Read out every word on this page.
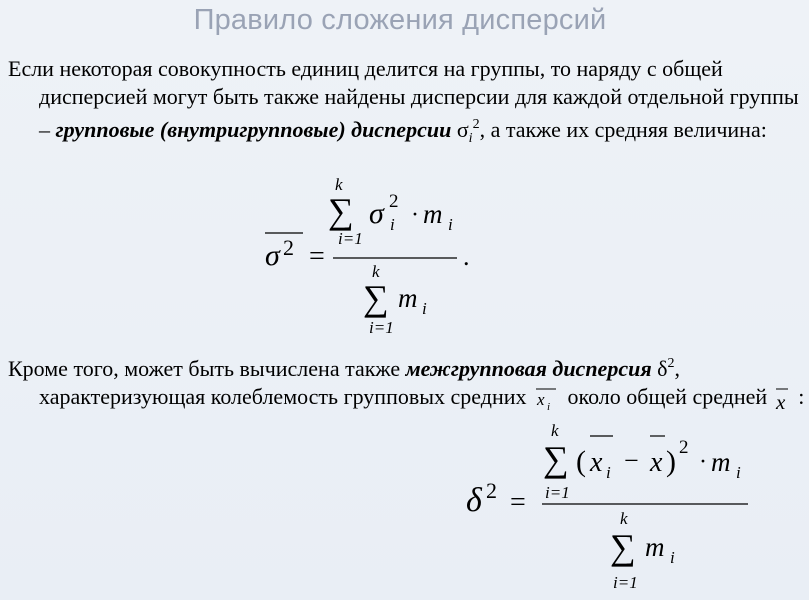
Правило сложения дисперсий
Если некоторая совокупность единиц делится на группы, то наряду с общей дисперсией могут быть также найдены дисперсии для каждой отдельной группы – групповые (внутригрупповые) дисперсии $\sigma_i^2$, а также их средняя величина:
σ 2 =
k
∑
i=1
σ 2
i · m i
.
k
∑
i=1
m i
Кроме того, может быть вычислена также межгрупповая дисперсия $\delta^2$, характеризующая колеблемость групповых средних x i около общей средней x :
δ 2 =
k
∑
i=1
( x i − x ) 2
· m i
k
∑
i=1
m i
